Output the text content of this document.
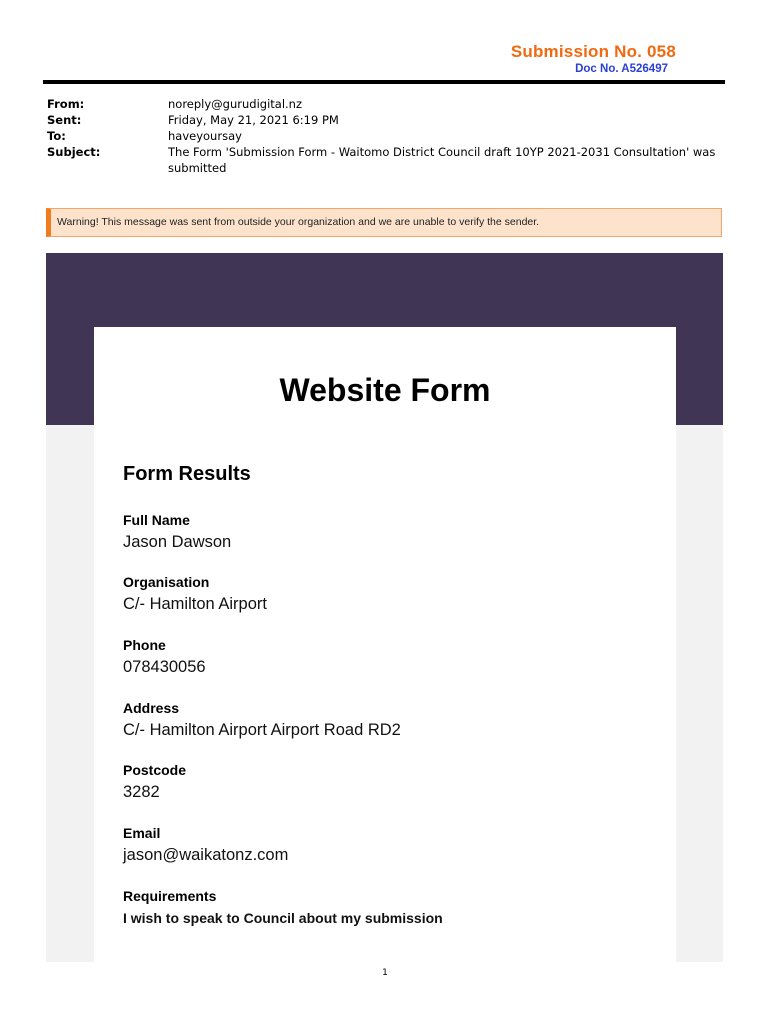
Submission No. 058
Doc No. A526497
From:	noreply@gurudigital.nz
Sent:	Friday, May 21, 2021 6:19 PM
To:	haveyoursay
Subject:	The Form 'Submission Form - Waitomo District Council draft 10YP 2021-2031 Consultation' was submitted
Warning! This message was sent from outside your organization and we are unable to verify the sender.
Website Form
Form Results
Full Name
Jason Dawson
Organisation
C/- Hamilton Airport
Phone
078430056
Address
C/- Hamilton Airport Airport Road RD2
Postcode
3282
Email
jason@waikatonz.com
Requirements
I wish to speak to Council about my submission
1
